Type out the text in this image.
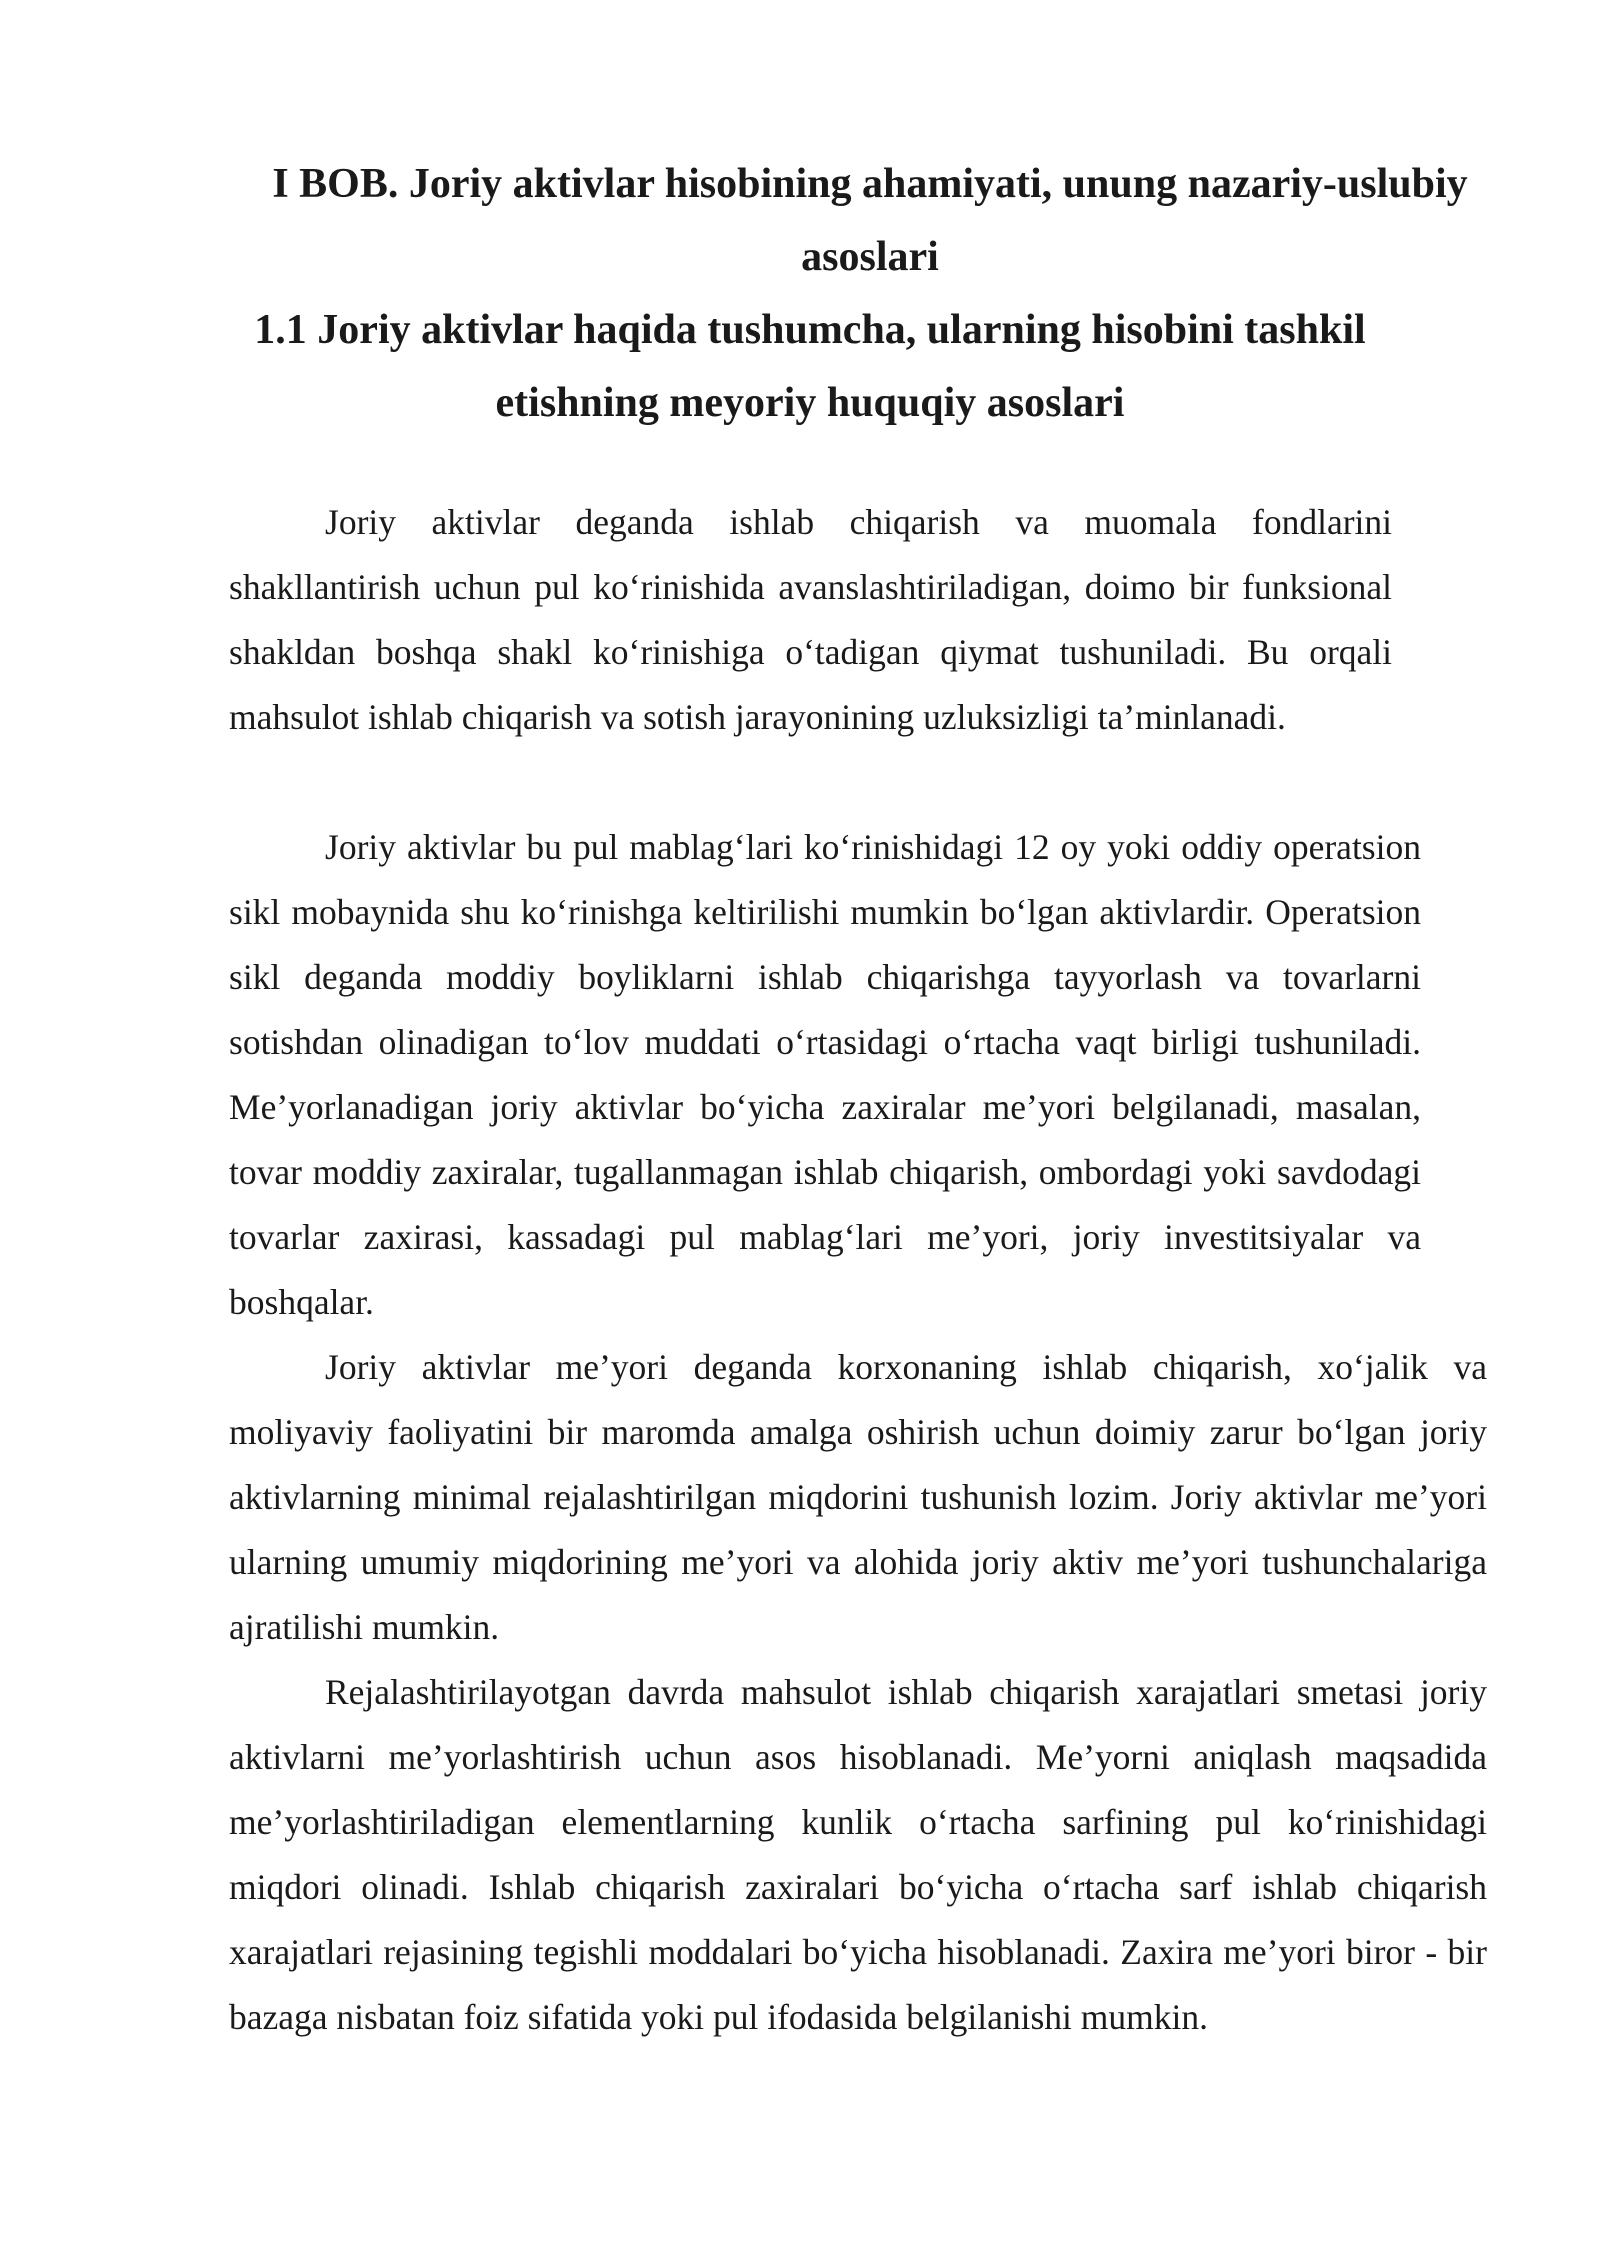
I BOB. Joriy aktivlar hisobining ahamiyati, unung nazariy-uslubiy asoslari
1.1 Joriy aktivlar haqida tushumcha, ularning hisobini tashkil etishning meyoriy huquqiy asoslari

Joriy aktivlar deganda ishlab chiqarish va muomala fondlarini shakllantirish uchun pul ko‘rinishida avanslashtiriladigan, doimo bir funksional shakldan boshqa shakl ko‘rinishiga o‘tadigan qiymat tushuniladi. Bu orqali mahsulot ishlab chiqarish va sotish jarayonining uzluksizligi ta’minlanadi.

Joriy aktivlar bu pul mablag‘lari ko‘rinishidagi 12 oy yoki oddiy operatsion sikl mobaynida shu ko‘rinishga keltirilishi mumkin bo‘lgan aktivlardir. Operatsion sikl deganda moddiy boyliklarni ishlab chiqarishga tayyorlash va tovarlarni sotishdan olinadigan to‘lov muddati o‘rtasidagi o‘rtacha vaqt birligi tushuniladi. Me’yorlanadigan joriy aktivlar bo‘yicha zaxiralar me’yori belgilanadi, masalan, tovar moddiy zaxiralar, tugallanmagan ishlab chiqarish, ombordagi yoki savdodagi tovarlar zaxirasi, kassadagi pul mablag‘lari me’yori, joriy investitsiyalar va boshqalar.

Joriy aktivlar me’yori deganda korxonaning ishlab chiqarish, xo‘jalik va moliyaviy faoliyatini bir maromda amalga oshirish uchun doimiy zarur bo‘lgan joriy aktivlarning minimal rejalashtirilgan miqdorini tushunish lozim. Joriy aktivlar me’yori ularning umumiy miqdorining me’yori va alohida joriy aktiv me’yori tushunchalariga ajratilishi mumkin.

Rejalashtirilayotgan davrda mahsulot ishlab chiqarish xarajatlari smetasi joriy aktivlarni me’yorlashtirish uchun asos hisoblanadi. Me’yorni aniqlash maqsadida me’yorlashtiriladigan elementlarning kunlik o‘rtacha sarfining pul ko‘rinishidagi miqdori olinadi. Ishlab chiqarish zaxiralari bo‘yicha o‘rtacha sarf ishlab chiqarish xarajatlari rejasining tegishli moddalari bo‘yicha hisoblanadi. Zaxira me’yori biror - bir bazaga nisbatan foiz sifatida yoki pul ifodasida belgilanishi mumkin.
